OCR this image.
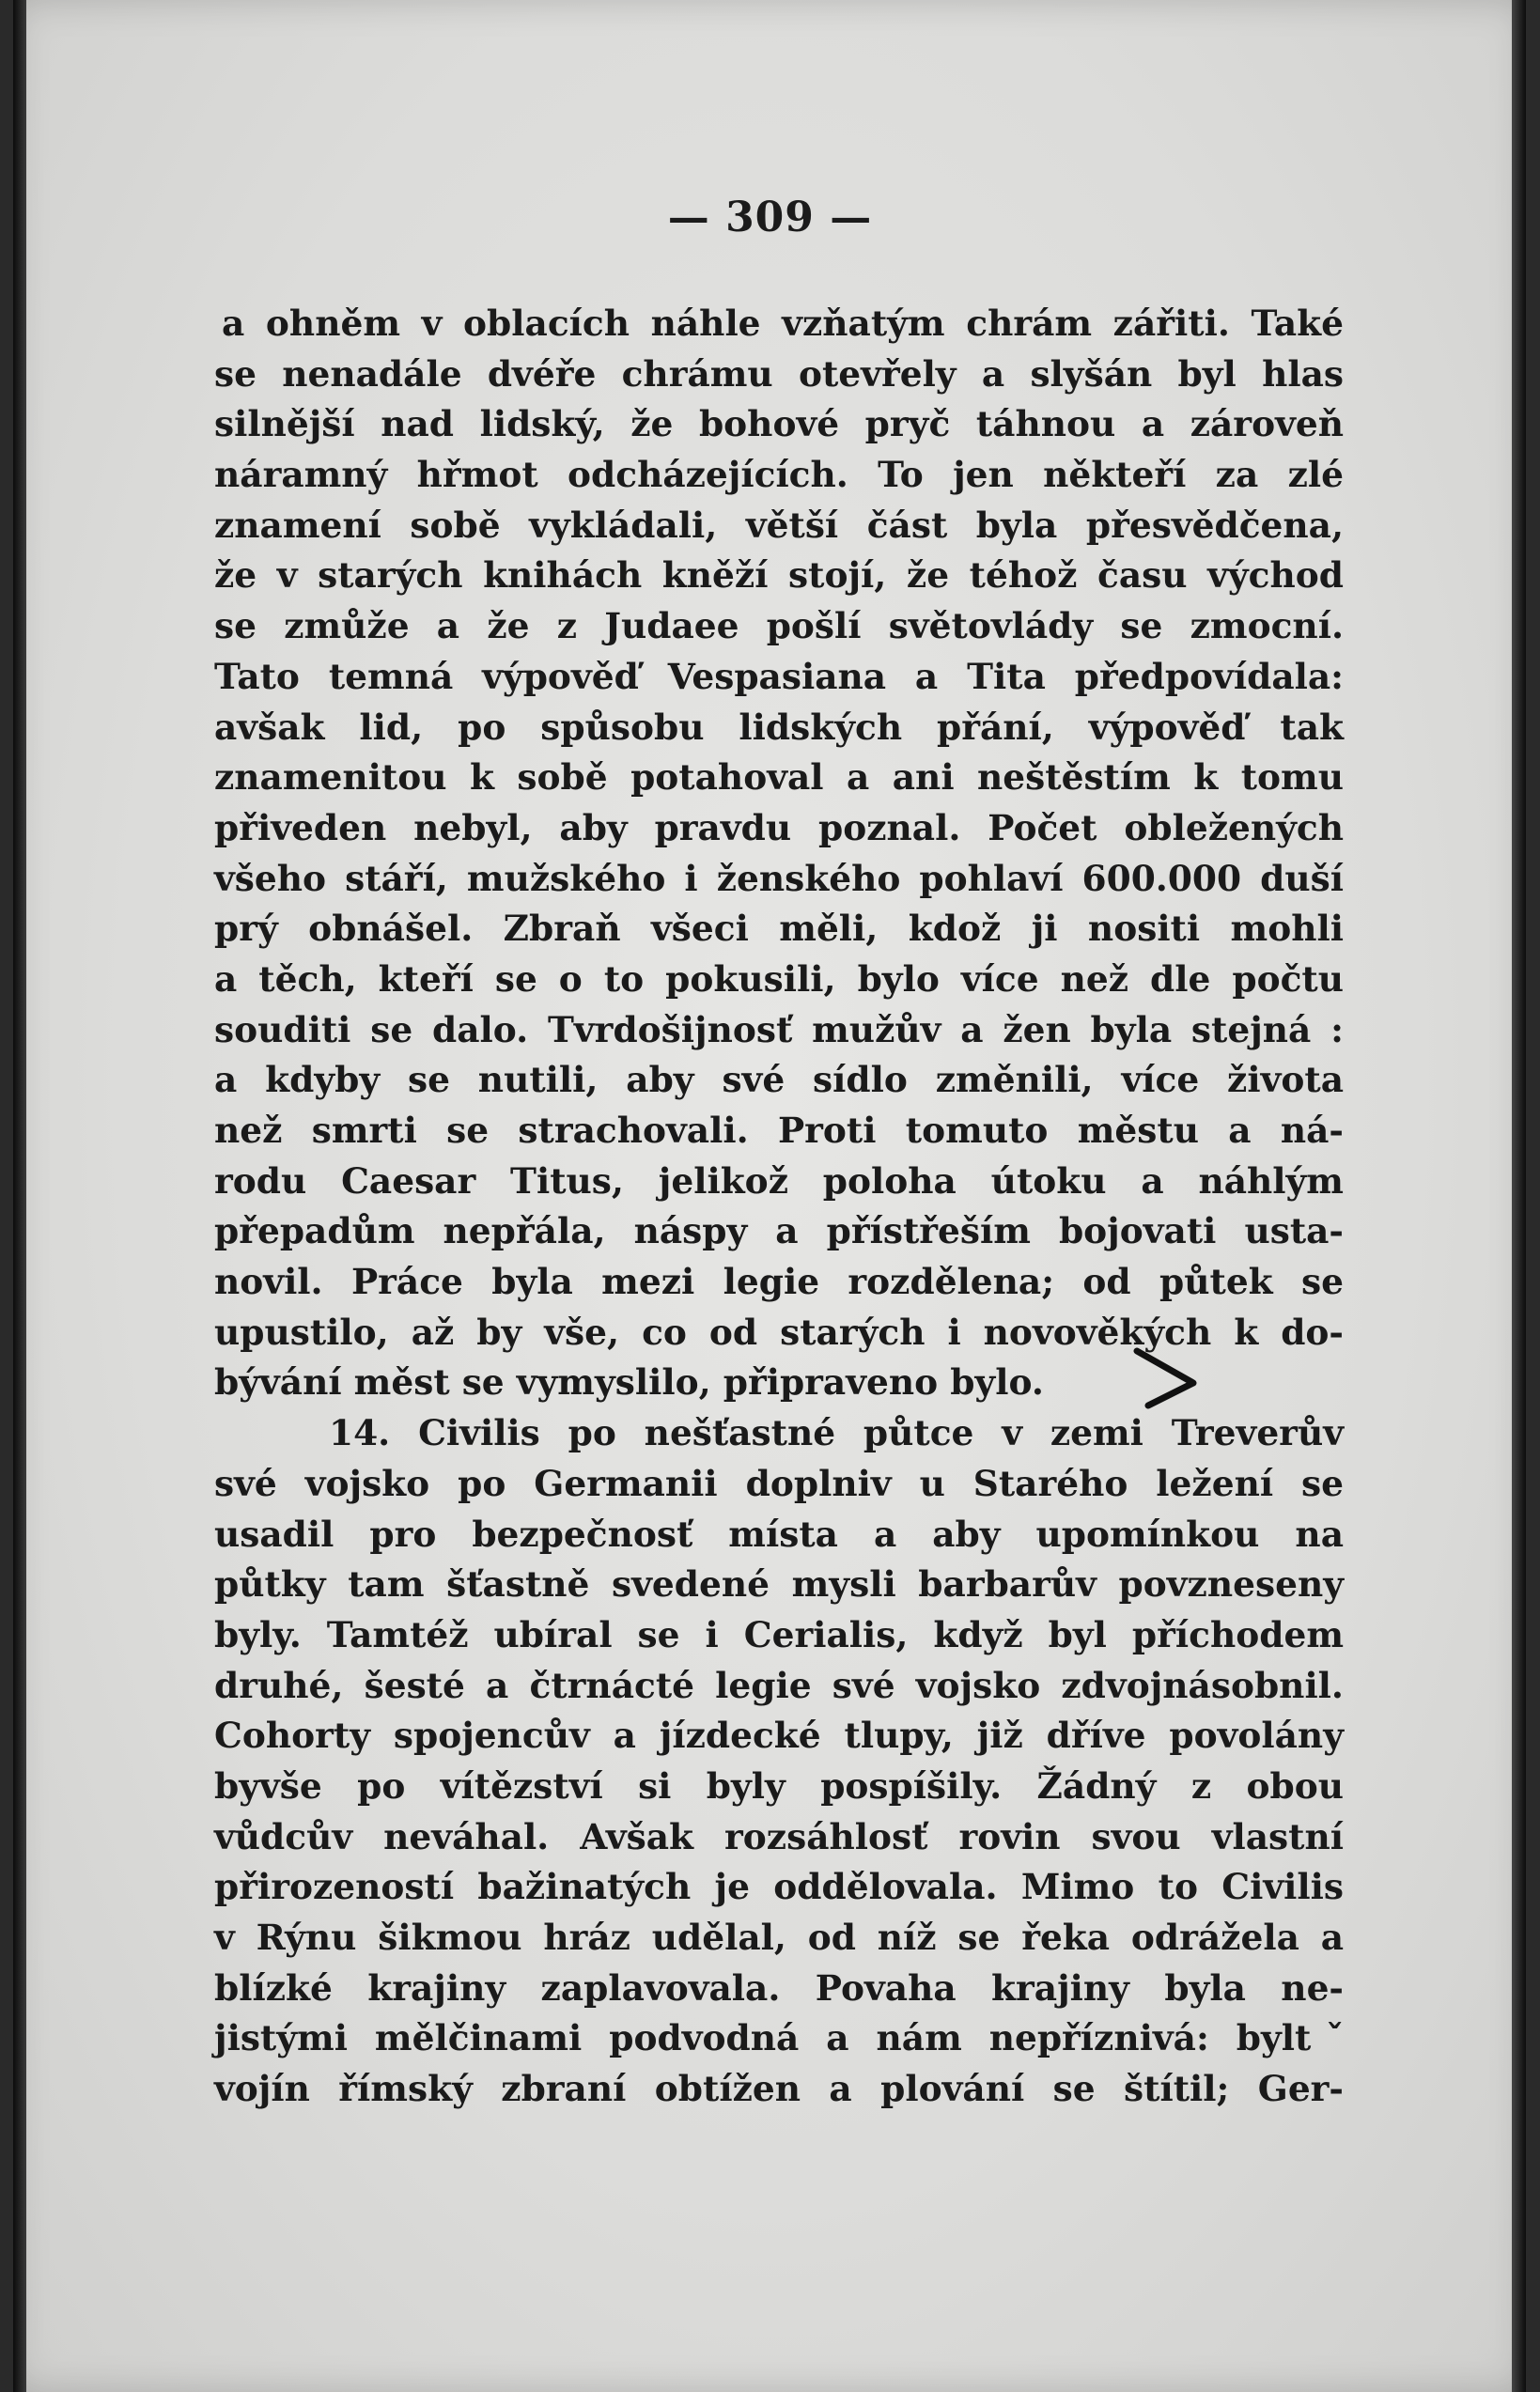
— 309 —
a ohněm v oblacích náhle vzňatým chrám zářiti. Také
se nenadále dvéře chrámu otevřely a slyšán byl hlas
silnější nad lidský, že bohové pryč táhnou a zároveň
náramný hřmot odcházejících. To jen někteří za zlé
znamení sobě vykládali, větší část byla přesvědčena,
že v starých knihách kněží stojí, že téhož času východ
se zmůže a že z Judaee pošlí světovlády se zmocní.
Tato temná výpověď Vespasiana a Tita předpovídala:
avšak lid, po spůsobu lidských přání, výpověď tak
znamenitou k sobě potahoval a ani neštěstím k tomu
přiveden nebyl, aby pravdu poznal. Počet obležených
všeho stáří, mužského i ženského pohlaví 600.000 duší
prý obnášel. Zbraň všeci měli, kdož ji nositi mohli
a těch, kteří se o to pokusili, bylo více než dle počtu
souditi se dalo. Tvrdošijnosť mužův a žen byla stejná :
a kdyby se nutili, aby své sídlo změnili, více života
než smrti se strachovali. Proti tomuto městu a ná-
rodu Caesar Titus, jelikož poloha útoku a náhlým
přepadům nepřála, náspy a přístřeším bojovati usta-
novil. Práce byla mezi legie rozdělena; od půtek se
upustilo, až by vše, co od starých i novověkých k do-
bývání měst se vymyslilo, připraveno bylo.
14. Civilis po nešťastné půtce v zemi Treverův
své vojsko po Germanii doplniv u Starého ležení se
usadil pro bezpečnosť místa a aby upomínkou na
půtky tam šťastně svedené mysli barbarův povzneseny
byly. Tamtéž ubíral se i Cerialis, když byl příchodem
druhé, šesté a čtrnácté legie své vojsko zdvojnásobnil.
Cohorty spojencův a jízdecké tlupy, již dříve povolány
byvše po vítězství si byly pospíšily. Žádný z obou
vůdcův neváhal. Avšak rozsáhlosť rovin svou vlastní
přirozeností bažinatých je oddělovala. Mimo to Civilis
v Rýnu šikmou hráz udělal, od níž se řeka odrážela a
blízké krajiny zaplavovala. Povaha krajiny byla ne-
jistými mělčinami podvodná a nám nepříznivá: byltˇ
vojín římský zbraní obtížen a plování se štítil; Ger-
